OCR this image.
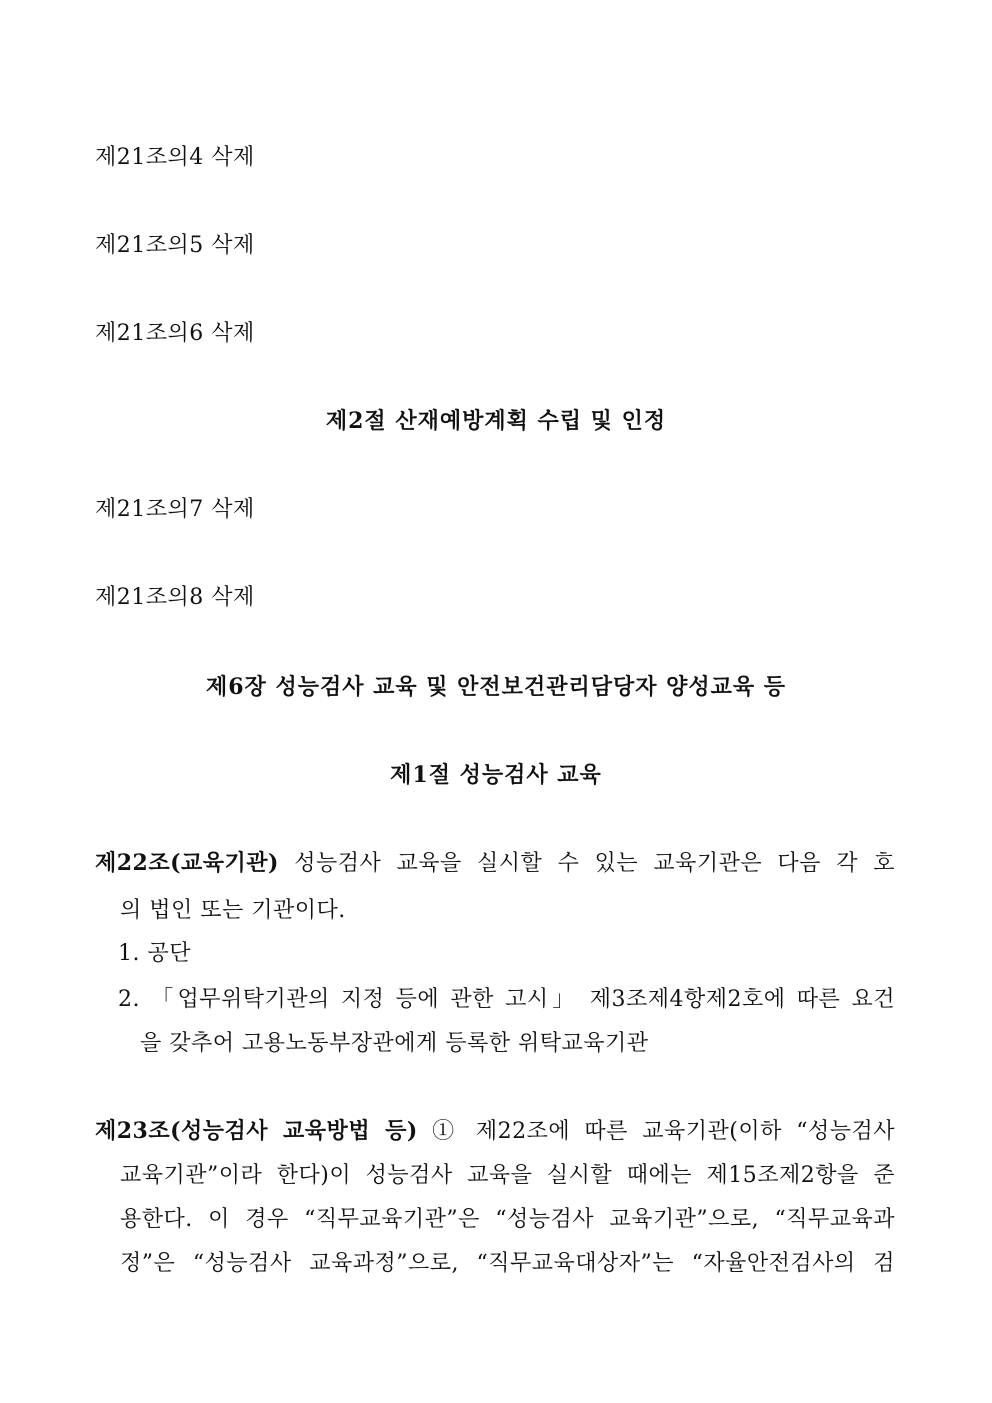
제21조의4 삭제
제21조의5 삭제
제21조의6 삭제
제2절 산재예방계획 수립 및 인정
제21조의7 삭제
제21조의8 삭제
제6장 성능검사 교육 및 안전보건관리담당자 양성교육 등
제1절 성능검사 교육
제22조(교육기관) 성능검사 교육을 실시할 수 있는 교육기관은 다음 각 호
의 법인 또는 기관이다.
1. 공단
2. 「업무위탁기관의 지정 등에 관한 고시」 제3조제4항제2호에 따른 요건
을 갖추어 고용노동부장관에게 등록한 위탁교육기관
제23조(성능검사 교육방법 등) ① 제22조에 따른 교육기관(이하 “성능검사
교육기관”이라 한다)이 성능검사 교육을 실시할 때에는 제15조제2항을 준
용한다. 이 경우 “직무교육기관”은 “성능검사 교육기관”으로, “직무교육과
정”은 “성능검사 교육과정”으로, “직무교육대상자”는 “자율안전검사의 검
